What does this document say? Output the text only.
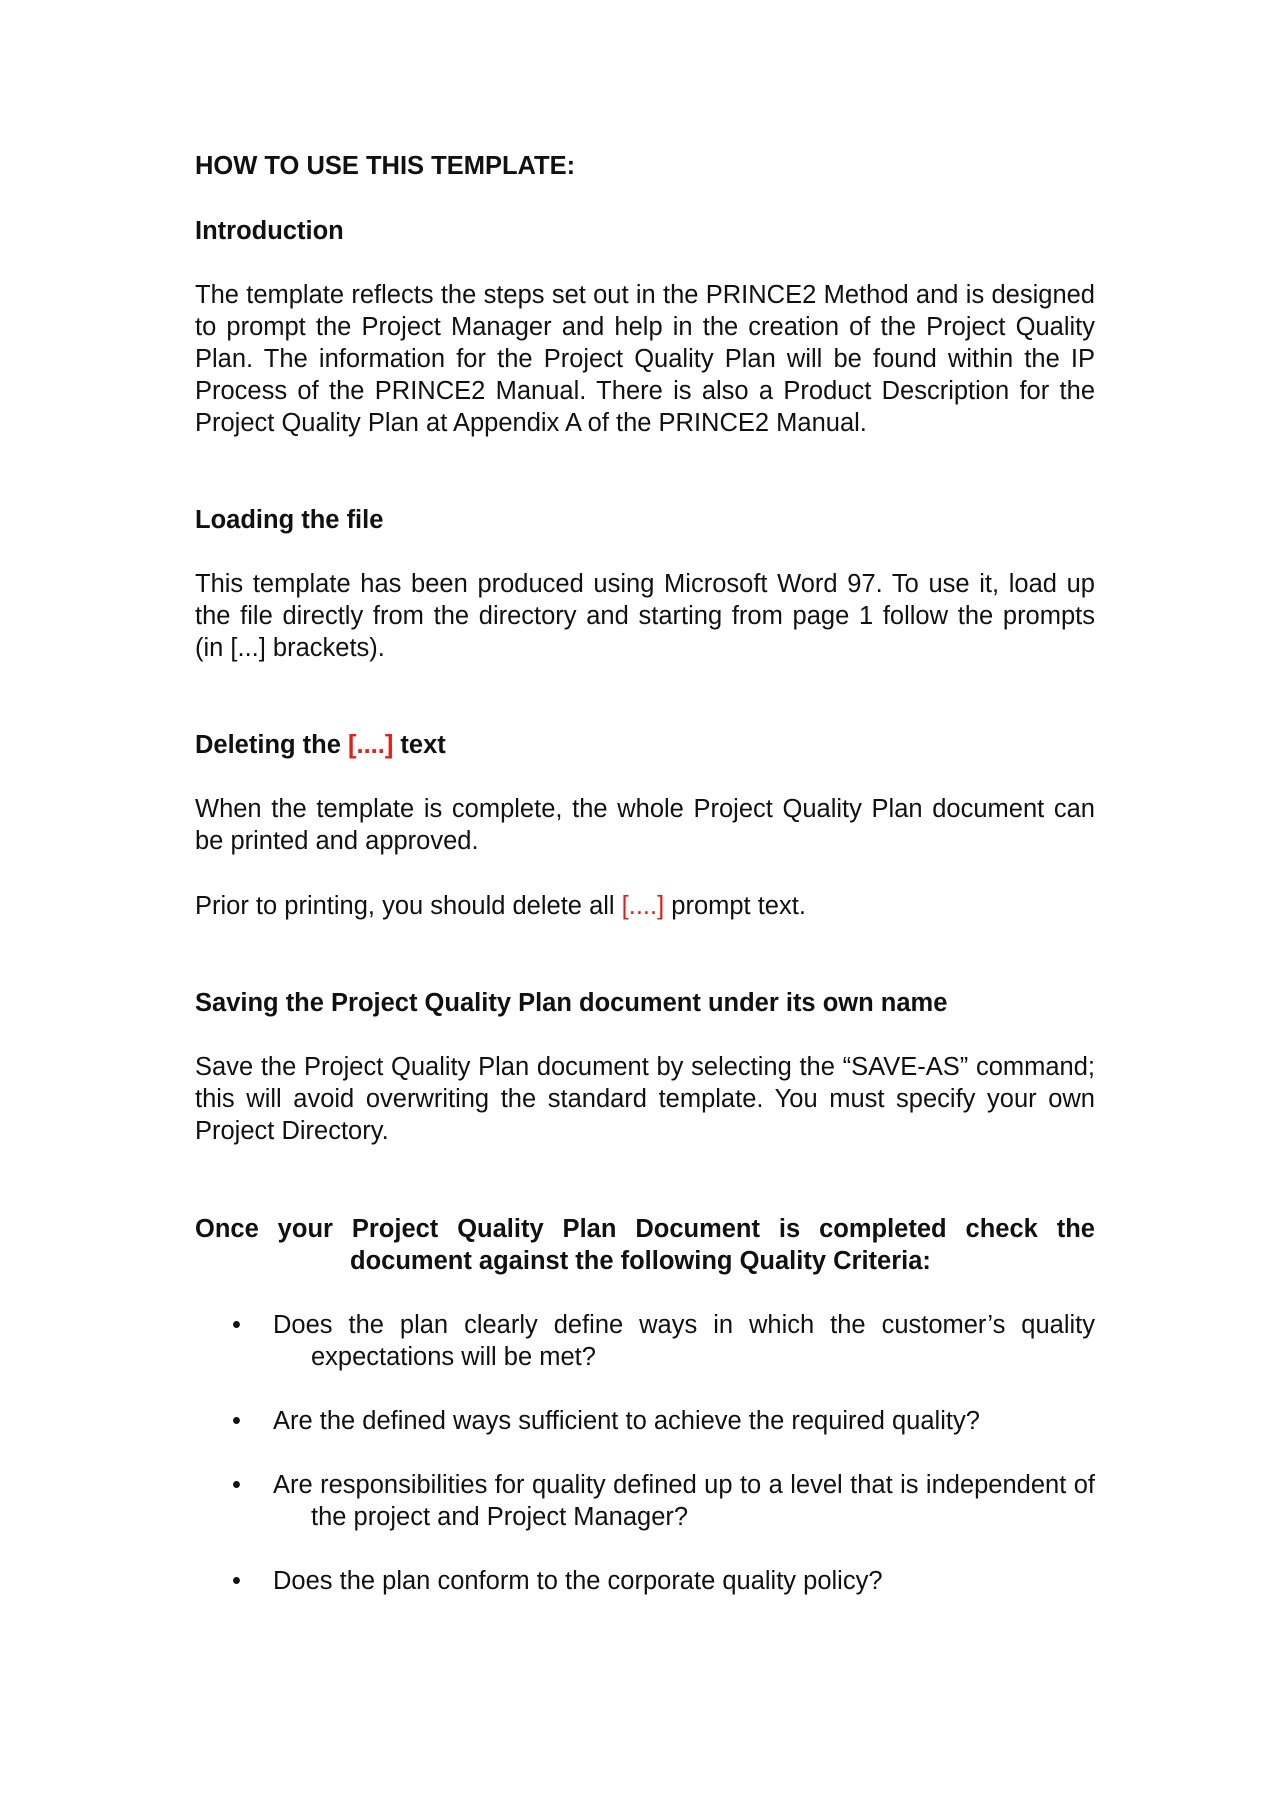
HOW TO USE THIS TEMPLATE:

Introduction

The template reflects the steps set out in the PRINCE2 Method and is designed to prompt the Project Manager and help in the creation of the Project Quality Plan. The information for the Project Quality Plan will be found within the IP Process of the PRINCE2 Manual. There is also a Product Description for the Project Quality Plan at Appendix A of the PRINCE2 Manual.

Loading the file

This template has been produced using Microsoft Word 97. To use it, load up the file directly from the directory and starting from page 1 follow the prompts (in [...] brackets).

Deleting the [....] text

When the template is complete, the whole Project Quality Plan document can be printed and approved.

Prior to printing, you should delete all [....] prompt text.

Saving the Project Quality Plan document under its own name

Save the Project Quality Plan document by selecting the “SAVE-AS” command; this will avoid overwriting the standard template. You must specify your own Project Directory.

Once your Project Quality Plan Document is completed check the
document against the following Quality Criteria:

• Does the plan clearly define ways in which the customer’s quality expectations will be met?
• Are the defined ways sufficient to achieve the required quality?
• Are responsibilities for quality defined up to a level that is independent of the project and Project Manager?
• Does the plan conform to the corporate quality policy?
